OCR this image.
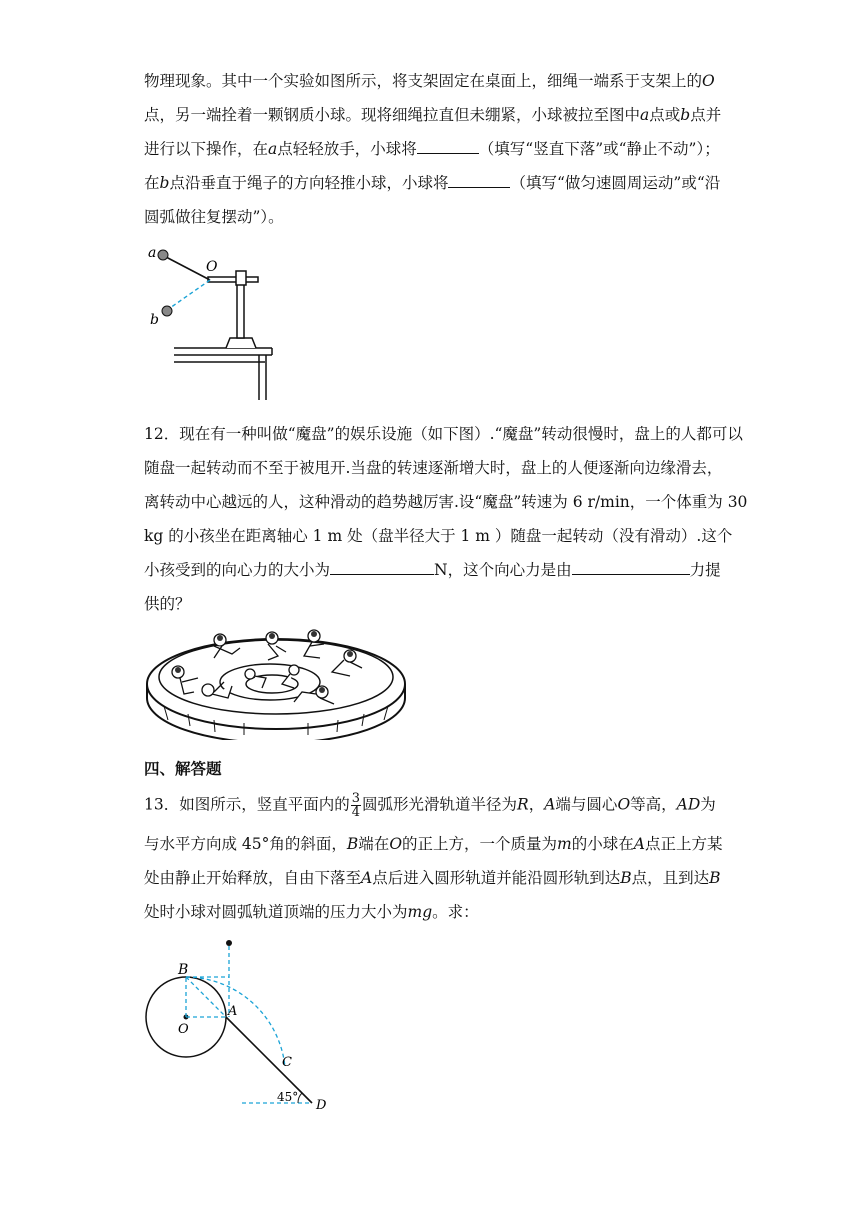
物理现象。其中一个实验如图所示，将支架固定在桌面上，细绳一端系于支架上的O
点，另一端拴着一颗钢质小球。现将细绳拉直但未绷紧，小球被拉至图中a点或b点并
进行以下操作，在a点轻轻放手，小球将	（填写“竖直下落”或“静止不动”）；
在b点沿垂直于绳子的方向轻推小球，小球将	（填写“做匀速圆周运动”或“沿
圆弧做往复摆动”）。
a
O
b
12．现在有一种叫做“魔盘”的娱乐设施（如下图）.“魔盘”转动很慢时，盘上的人都可以
随盘一起转动而不至于被甩开.当盘的转速逐渐增大时，盘上的人便逐渐向边缘滑去，
离转动中心越远的人，这种滑动的趋势越厉害.设“魔盘”转速为 6 r/min，一个体重为 30
kg 的小孩坐在距离轴心 1 m 处（盘半径大于 1 m ）随盘一起转动（没有滑动）.这个
小孩受到的向心力的大小为	N，这个向心力是由	力提
供的？
四、解答题
13．如图所示，竖直平面内的 $\frac{3}{4}$ 圆弧形光滑轨道半径为R，A端与圆心O等高，AD为
与水平方向成 45°角的斜面，B端在O的正上方，一个质量为m的小球在A点正上方某
处由静止开始释放，自由下落至A点后进入圆形轨道并能沿圆形轨到达B点，且到达B
处时小球对圆弧轨道顶端的压力大小为mg。求：
B
O
A
C
D
45°
